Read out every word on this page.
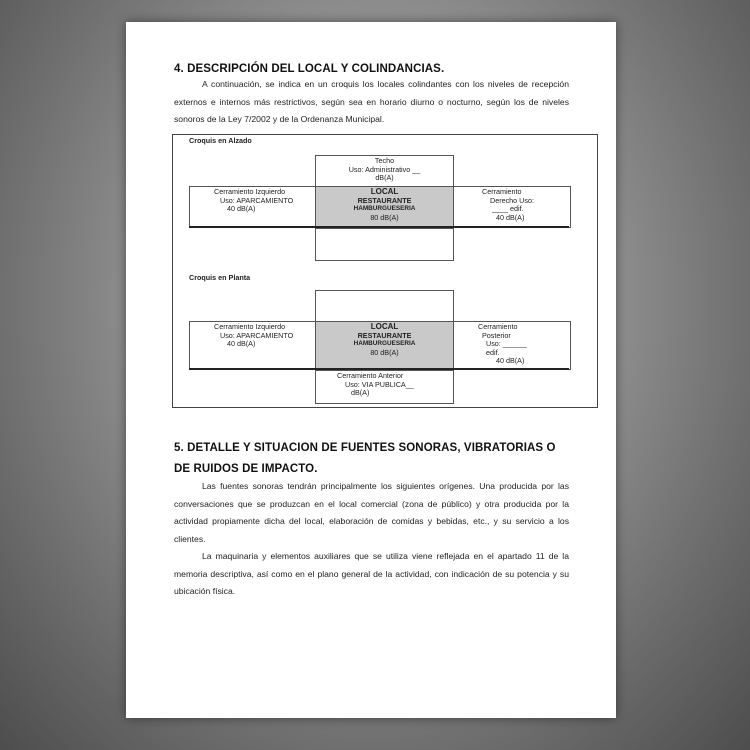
4. DESCRIPCIÓN DEL LOCAL Y COLINDANCIAS.
A continuación, se indica en un croquis los locales colindantes con los niveles de recepción externos e internos más restrictivos, según sea en horario diurno o nocturno, según los de niveles sonoros de la Ley 7/2002 y de la Ordenanza Municipal.
Croquis en Alzado
Techo
Uso: Administrativo __
dB(A)
Cerramiento Izquierdo
Uso: APARCAMIENTO
40 dB(A)
LOCAL
RESTAURANTE
HAMBURGUESERIA
80 dB(A)
Cerramiento
Derecho Uso:
____ edif.
40 dB(A)
Croquis en Planta
Cerramiento Izquierdo
Uso: APARCAMIENTO
40 dB(A)
LOCAL
RESTAURANTE
HAMBURGUESERIA
80 dB(A)
Cerramiento
Posterior
Uso: ______
edif.
40 dB(A)
Cerramiento Anterior
Uso: VIA PUBLICA__
dB(A)
5. DETALLE Y SITUACION DE FUENTES SONORAS, VIBRATORIAS O
DE RUIDOS DE IMPACTO.
Las fuentes sonoras tendrán principalmente los siguientes orígenes. Una producida por las conversaciones que se produzcan en el local comercial (zona de público) y otra producida por la actividad propiamente dicha del local, elaboración de comidas y bebidas, etc., y su servicio a los clientes.
La maquinaria y elementos auxiliares que se utiliza viene reflejada en el apartado 11 de la memoria descriptiva, así como en el plano general de la actividad, con indicación de su potencia y su ubicación física.
